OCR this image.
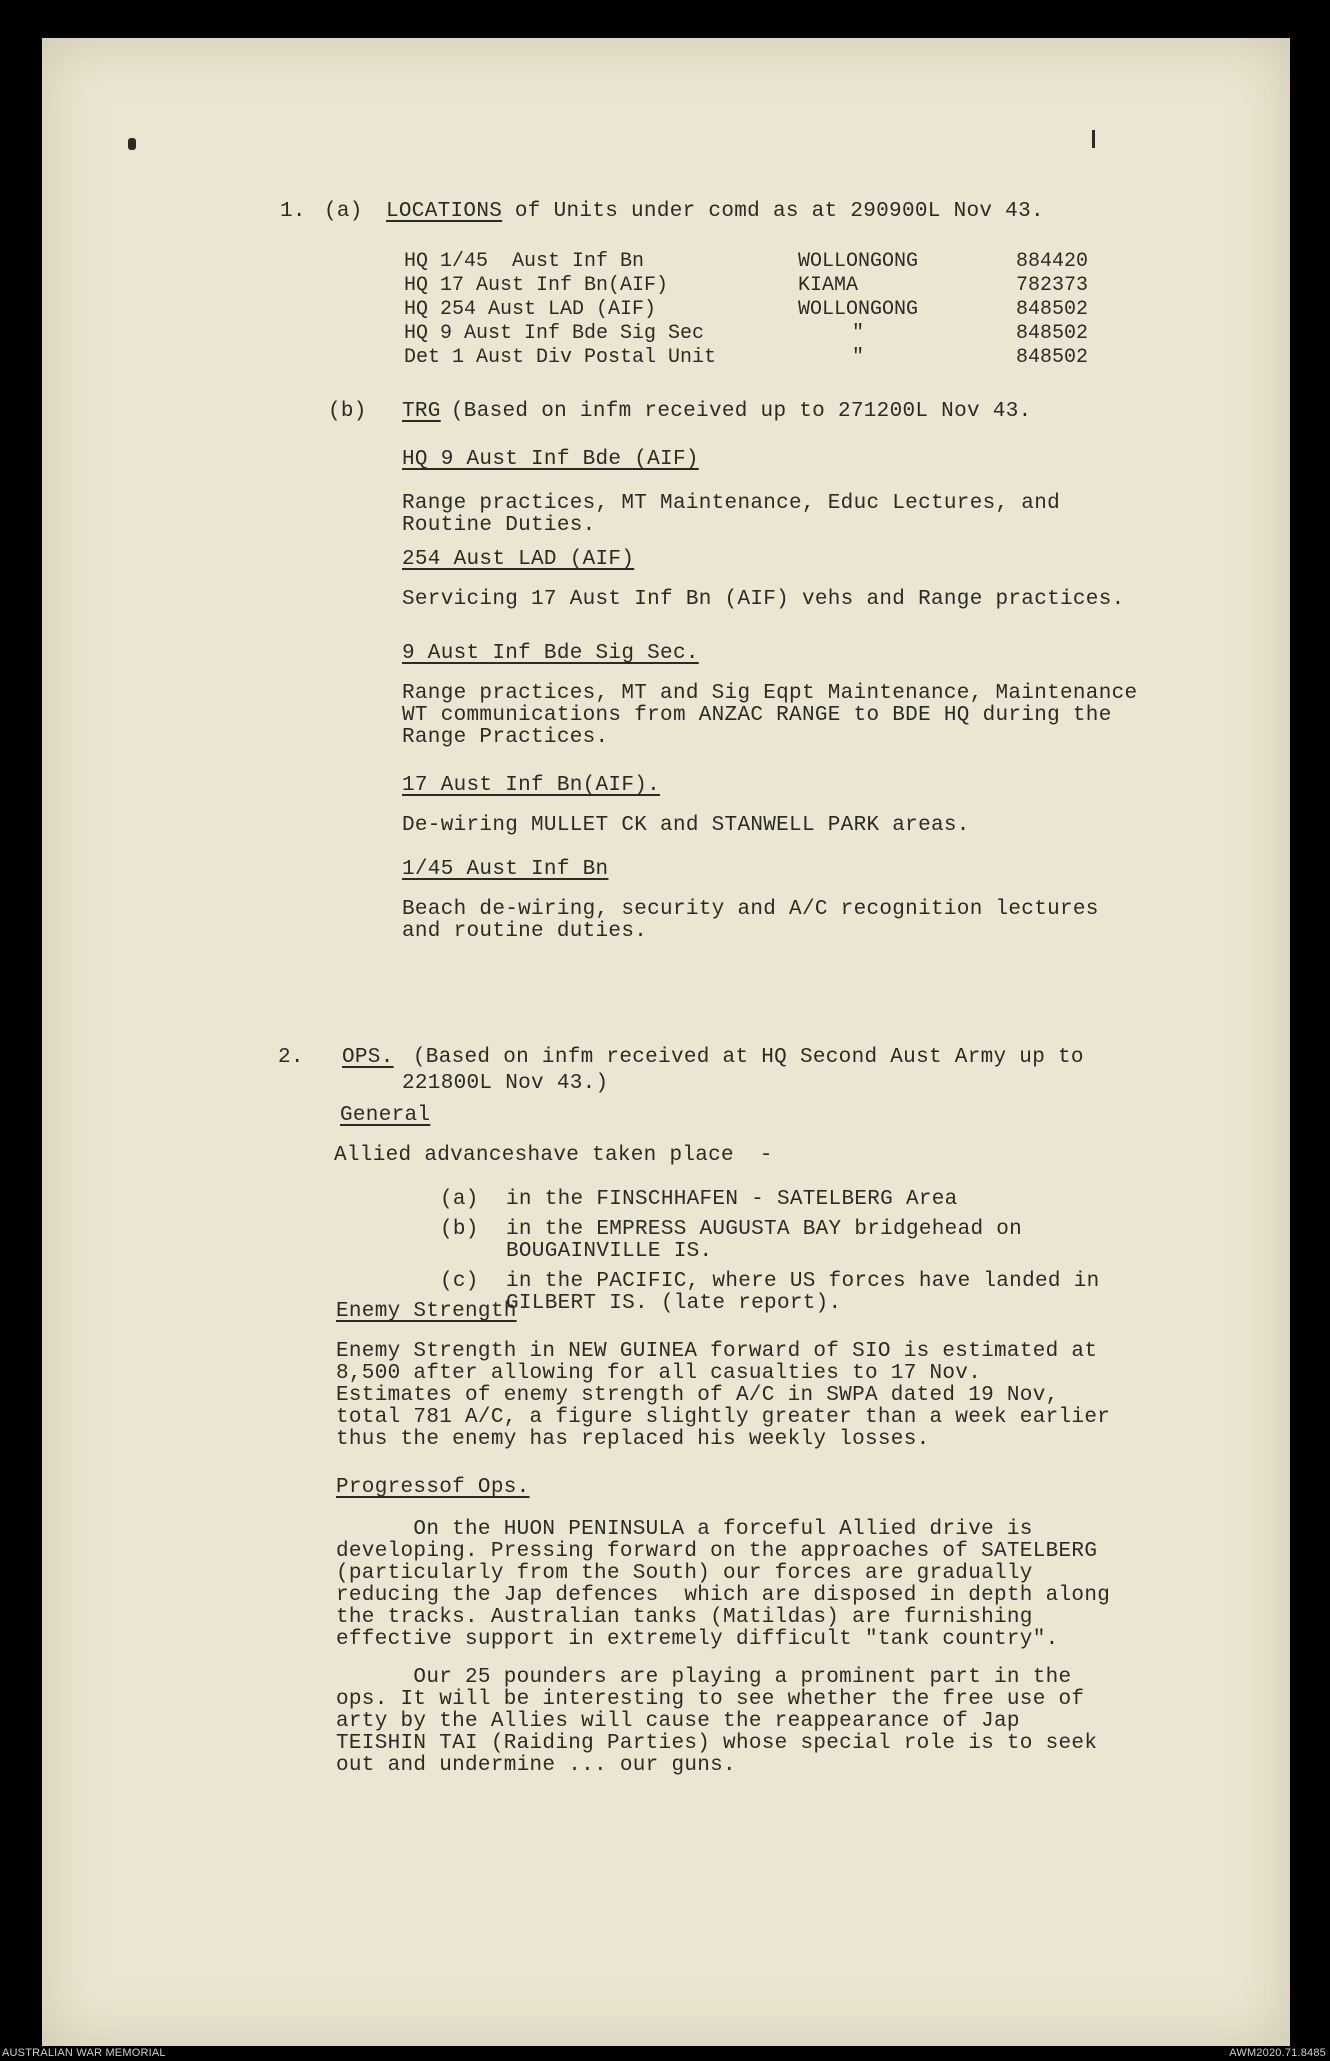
1. (a) LOCATIONS of Units under comd as at 290900L Nov 43.
HQ 1/45  Aust Inf Bn	WOLLONGONG	884420
HQ 17 Aust Inf Bn(AIF)	KIAMA	782373
HQ 254 Aust LAD (AIF)	WOLLONGONG	848502
HQ 9 Aust Inf Bde Sig Sec	"	848502
Det 1 Aust Div Postal Unit	"	848502
(b) TRG
(Based on infm received up to 271200L Nov 43.
HQ 9 Aust Inf Bde (AIF)
Range practices, MT Maintenance, Educ Lectures, and
Routine Duties.
254 Aust LAD (AIF)
Servicing 17 Aust Inf Bn (AIF) vehs and Range practices.
9 Aust Inf Bde Sig Sec.
Range practices, MT and Sig Eqpt Maintenance, Maintenance
WT communications from ANZAC RANGE to BDE HQ during the
Range Practices.
17 Aust Inf Bn(AIF).
De-wiring MULLET CK and STANWELL PARK areas.
1/45 Aust Inf Bn
Beach de-wiring, security and A/C recognition lectures
and routine duties.
2. OPS. (Based on infm received at HQ Second Aust Army up to
221800L Nov 43.)
General
Allied advanceshave taken place  -
(a) in the FINSCHHAFEN - SATELBERG Area
(b) in the EMPRESS AUGUSTA BAY bridgehead on
BOUGAINVILLE IS.
(c) in the PACIFIC, where US forces have landed in
GILBERT IS. (late report).
Enemy Strength
Enemy Strength in NEW GUINEA forward of SIO is estimated at
8,500 after allowing for all casualties to 17 Nov.
Estimates of enemy strength of A/C in SWPA dated 19 Nov,
total 781 A/C, a figure slightly greater than a week earlier
thus the enemy has replaced his weekly losses.
Progressof Ops.
On the HUON PENINSULA a forceful Allied drive is
developing. Pressing forward on the approaches of SATELBERG
(particularly from the South) our forces are gradually
reducing the Jap defences  which are disposed in depth along
the tracks. Australian tanks (Matildas) are furnishing
effective support in extremely difficult "tank country".
Our 25 pounders are playing a prominent part in the
ops. It will be interesting to see whether the free use of
arty by the Allies will cause the reappearance of Jap
TEISHIN TAI (Raiding Parties) whose special role is to seek
out and undermine ... our guns.
AUSTRALIAN WAR MEMORIAL	AWM2020.71.8485
